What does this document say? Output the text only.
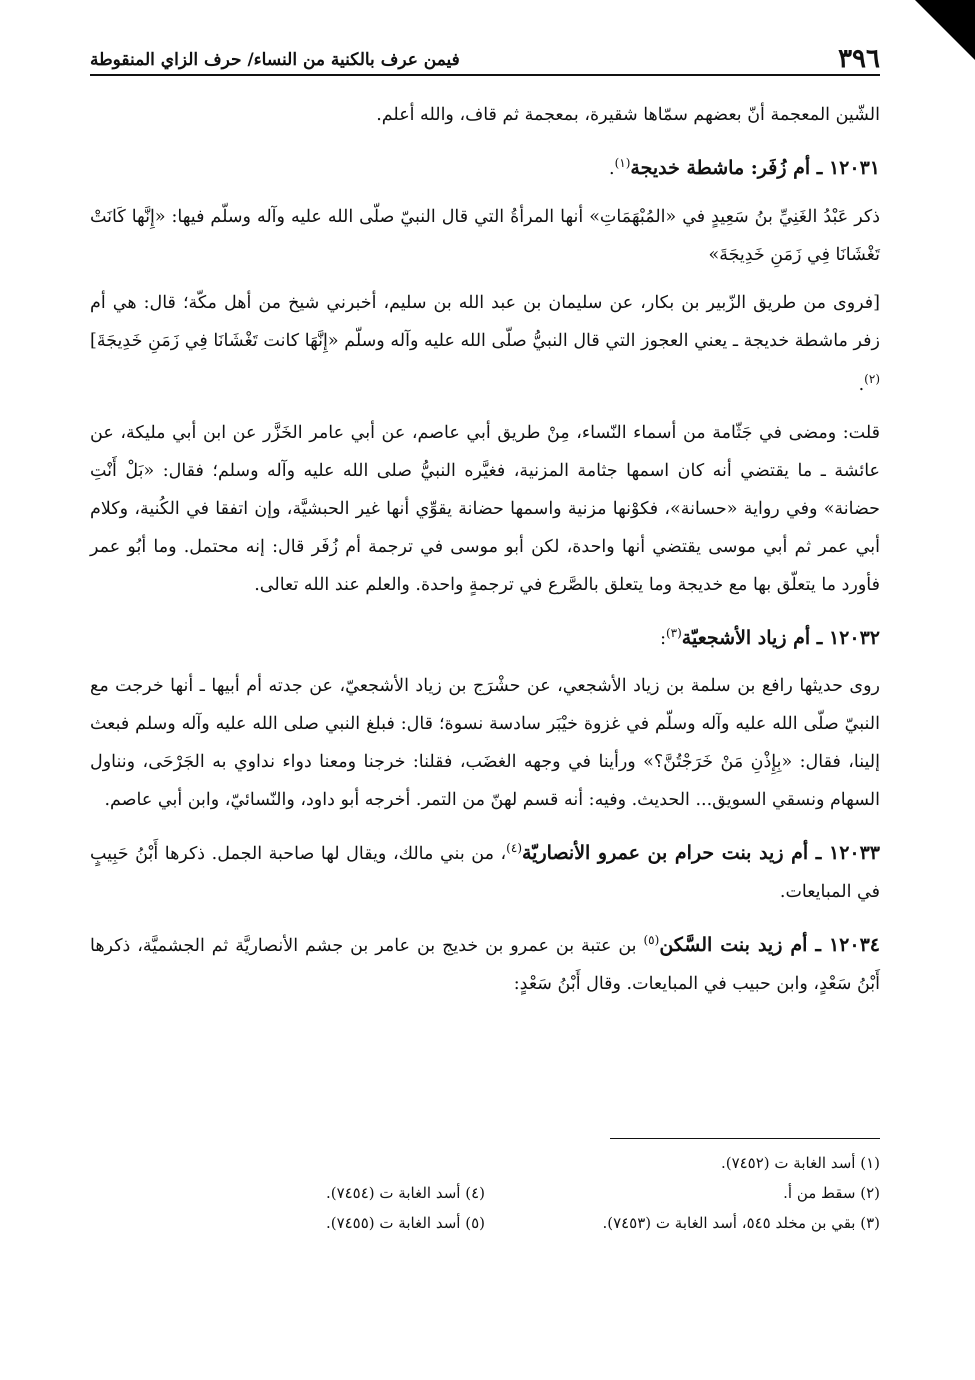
٣٩٦
فيمن عرف بالكنية من النساء/ حرف الزاي المنقوطة

الشّين المعجمة أنّ بعضهم سمّاها شقيرة، بمعجمة ثم قاف، والله أعلم.

١٢٠٣١ ـ أم زُفَر: ماشطة خديجة$^{(١)}$.

ذكر عَبْدُ الغَنِيِّ بنُ سَعِيدٍ في «المُبْهَمَاتِ» أنها المرأةُ التي قال النبيّ صلّى الله عليه وآله وسلّم فيها: «إِنَّها كَانَتْ تَغْشَانَا فِي زَمَنِ خَدِيجَةَ»

[فروى من طريق الزّبير بن بكار، عن سليمان بن عبد الله بن سليم، أخبرني شيخ من أهل مكّة؛ قال: هي أم زفر ماشطة خديجة ـ يعني العجوز التي قال النبيُّ صلّى الله عليه وآله وسلّم «إِنَّهَا كانت تَغْشَانَا فِي زَمَنِ خَدِيجَةَ]$^{(٢)}$.

قلت: ومضى في جَثّامة من أسماء النّساء، مِنْ طريق أبي عاصم، عن أبي عامر الخَزَّر عن ابن أبي مليكة، عن عائشة ـ ما يقتضي أنه كان اسمها جثامة المزنية، فغيَّره النبيُّ صلى الله عليه وآله وسلم؛ فقال: «بَلْ أَنْتِ حضانة» وفي رواية «حسانة»، فكوْنها مزنية واسمها حضانة يقوِّي أنها غير الحبشيَّة، وإن اتفقا في الكُنية، وكلام أبي عمر ثم أبي موسى يقتضي أنها واحدة، لكن أبو موسى في ترجمة أم زُفَر قال: إنه محتمل. وما أبُو عمر فأورد ما يتعلّق بها مع خديجة وما يتعلق بالصَّرع في ترجمةٍ واحدة. والعلم عند الله تعالى.

١٢٠٣٢ ـ أم زياد الأشجعيّة$^{(٣)}$:

روى حديثها رافع بن سلمة بن زياد الأشجعي، عن حشْرَج بن زياد الأشجعيّ، عن جدته أم أبيها ـ أنها خرجت مع النبيّ صلّى الله عليه وآله وسلّم في غزوة خيْبَر سادسة نسوة؛ قال: فبلغ النبي صلى الله عليه وآله وسلم فبعث إلينا، فقال: «بِإِذْنِ مَنْ خَرَجْتُنَّ؟» ورأينا في وجهه الغضَب، فقلنا: خرجنا ومعنا دواء نداوي به الجَرْحَى، ونناول السهام ونسقي السويق... الحديث. وفيه: أنه قسم لهنّ من التمر. أخرجه أبو داود، والنّسائيّ، وابن أبي عاصم.

١٢٠٣٣ ـ أم زيد بنت حرام بن عمرو الأنصاريّة$^{(٤)}$، من بني مالك، ويقال لها صاحبة الجمل. ذكرها أَبْنُ حَبِيبٍ في المبايعات.

١٢٠٣٤ ـ أم زيد بنت السَّكن$^{(٥)}$ بن عتبة بن عمرو بن خديج بن عامر بن جشم الأنصاريَّة ثم الجشميَّة، ذكرها أَبْنُ سَعْدٍ، وابن حبيب في المبايعات. وقال أَبْنُ سَعْدٍ:

(١) أسد الغابة ت (٧٤٥٢).
(٢) سقط من أ.
(٤) أسد الغابة ت (٧٤٥٤).
(٣) بقي بن مخلد ٥٤٥، أسد الغابة ت (٧٤٥٣).
(٥) أسد الغابة ت (٧٤٥٥).
